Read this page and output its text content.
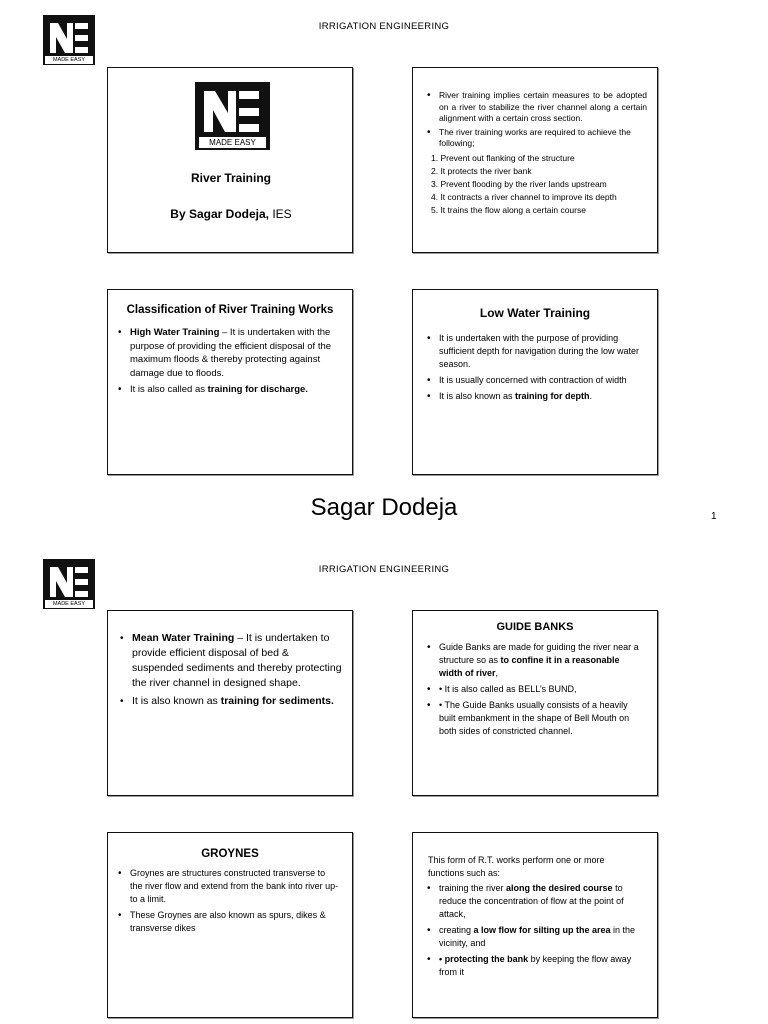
MADE EASY
IRRIGATION ENGINEERING
MADE EASY
River Training
By Sagar Dodeja, IES
• River training implies certain measures to be adopted on a river to stabilize the river channel along a certain alignment with a certain cross section.
• The river training works are required to achieve the following;
1. Prevent out flanking of the structure
2. It protects the river bank
3. Prevent flooding by the river lands upstream
4. It contracts a river channel to improve its depth
5. It trains the flow along a certain course
Classification of River Training Works
• High Water Training – It is undertaken with the purpose of providing the efficient disposal of the maximum floods & thereby protecting against damage due to floods.
• It is also called as training for discharge.
Low Water Training
• It is undertaken with the purpose of providing sufficient depth for navigation during the low water season.
• It is usually concerned with contraction of width
• It is also known as training for depth.
Sagar Dodeja	1
MADE EASY
IRRIGATION ENGINEERING
• Mean Water Training – It is undertaken to provide efficient disposal of bed & suspended sediments and thereby protecting the river channel in designed shape.
• It is also known as training for sediments.
GUIDE BANKS
• Guide Banks are made for guiding the river near a structure so as to confine it in a reasonable width of river,
• • It is also called as BELL’s BUND,
• • The Guide Banks usually consists of a heavily built embankment in the shape of Bell Mouth on both sides of constricted channel.
GROYNES
• Groynes are structures constructed transverse to the river flow and extend from the bank into river up-to a limit.
• These Groynes are also known as spurs, dikes & transverse dikes
This form of R.T. works perform one or more functions such as:
• training the river along the desired course to reduce the concentration of flow at the point of attack,
• creating a low flow for silting up the area in the vicinity, and
• • protecting the bank by keeping the flow away from it
